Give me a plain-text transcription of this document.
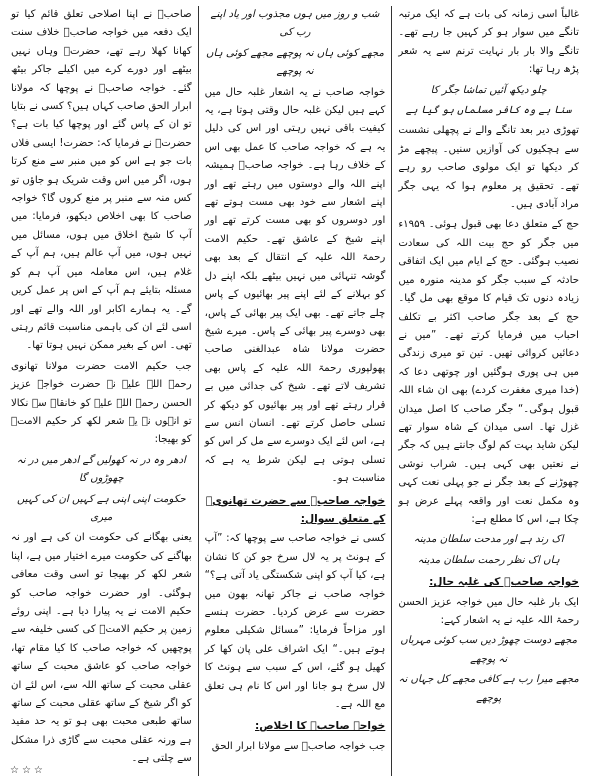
غالباً اسی زمانہ کی بات ہے کہ ایک مرتبہ تانگے میں سوار ہو کر کہیں جا رہے تھے۔ تانگے والا بار بار نہایت ترنم سے یہ شعر پڑھ رہا تھا:

چلو دیکھ آئیں تماشا جگر کا
سنا ہے وہ کافر مسلماں ہو گیا ہے

تھوڑی دیر بعد تانگے والے نے پچھلی نشست سے ہچکیوں کی آوازیں سنیں۔ پیچھے مڑ کر دیکھا تو ایک مولوی صاحب رو رہے تھے۔ تحقیق پر معلوم ہوا کہ یہی جگر مراد آبادی ہیں۔

حج کے متعلق دعا بھی قبول ہوئی۔ ۱۹۵۹ء میں جگر کو حج بیت اللہ کی سعادت نصیب ہوگئی۔ حج کے ایام میں ایک اتفاقی حادثہ کے سبب جگر کو مدینہ منورہ میں زیادہ دنوں تک قیام کا موقع بھی مل گیا۔ حج کے بعد جگر صاحب اکثر بے تکلف احباب میں فرمایا کرتے تھے۔ ”میں نے دعائیں کروائی تھیں۔ تین تو میری زندگی میں ہی پوری ہوگئیں اور چوتھی دعا کہ (خدا میری مغفرت کردے) بھی ان شاء اللہ قبول ہوگی۔“ جگر صاحب کا اصل میدان غزل تھا۔ اسی میدان کے شاہ سوار تھے لیکن شاید بہت کم لوگ جانتے ہیں کہ جگر نے نعتیں بھی کہی ہیں۔ شراب نوشی چھوڑنے کے بعد جگر نے جو پہلی نعت کہی وہ مکمل نعت اور واقعہ پہلے عرض ہو چکا ہے، اس کا مطلع ہے:

اک رند ہے اور مدحت سلطان مدینہ
ہاں اک نظر رحمت سلطان مدینہ
خواجہ صاحبؒ کی غلبہ حال:

ایک بار غلبہ حال میں خواجہ عزیز الحسن رحمۃ اللہ علیہ نے یہ اشعار کہے:

مجھے دوست چھوڑ دیں سب کوئی مہرباں نہ پوچھے
مجھے میرا رب ہے کافی مجھے کل جہاں نہ پوچھے
شب و روز میں ہوں مجذوب اور یاد اپنے رب کی
مجھے کوئی ہاں نہ پوچھے مجھے کوئی ہاں نہ پوچھے

خواجہ صاحب نے یہ اشعار غلبہ حال میں کہے ہیں لیکن غلبہ حال وقتی ہوتا ہے، یہ کیفیت باقی نہیں رہتی اور اس کی دلیل یہ ہے کہ خواجہ صاحب کا عمل بھی اس کے خلاف رہا ہے۔ خواجہ صاحبؒ ہمیشہ اپنے اللہ والے دوستوں میں رہتے تھے اور اپنے اشعار سے خود بھی مست ہوتے تھے اور دوسروں کو بھی مست کرتے تھے اور اپنے شیخ کے عاشق تھے۔ حکیم الامت رحمۃ اللہ علیہ کے انتقال کے بعد بھی گوشہ تنہائی میں نہیں بیٹھے بلکہ اپنے دل کو بہلانے کے لئے اپنے پیر بھائیوں کے پاس چلے جاتے تھے۔ بھی ایک پیر بھائی کے پاس، بھی دوسرے پیر بھائی کے پاس۔ میرے شیخ حضرت مولانا شاہ عبدالغنی صاحب پھولپوری رحمۃ اللہ علیہ کے پاس بھی تشریف لاتے تھے۔ شیخ کی جدائی میں بے قرار رہتے تھے اور پیر بھائیوں کو دیکھ کر تسلی حاصل کرتے تھے۔ انسان انس سے ہے، اس لئے ایک دوسرے سے مل کر اس کو تسلی ہوتی ہے لیکن شرط یہ ہے کہ مناسبت ہو۔

خواجہ صاحبؒ سے حضرت تھانویؒ کے متعلق سوال:

کسی نے خواجہ صاحب سے پوچھا کہ: ”آپ کے ہونٹ پر یہ لال سرخ جو کن کا نشان ہے، کیا آپ کو اپنی شکستگی یاد آتی ہے؟“ خواجہ صاحب نے جاکر تھانہ بھون میں حضرت سے عرض کردیا۔ حضرت ہنسے اور مزاحاً فرمایا: ”مسائل شکیلی معلوم ہوتے ہیں۔“ ایک اشراف علی پان کھا کر کھیل ہو گئے، اس کے سبب سے ہونٹ کا لال سرخ ہو جانا اور اس کا نام ہی تعلق مع اللہ ہے۔

خواجہ صاحبؒ کا اخلاص:

جب خواجہ صاحبؒ سے مولانا ابرار الحق

صاحبؒ نے اپنا اصلاحی تعلق قائم کیا تو ایک دفعہ میں خواجہ صاحبؒ خلاف سنت کھانا کھلا رہے تھے، حضرتؒ وہاں نہیں بیٹھے اور دورے کرے میں اکیلے جاکر بیٹھ گئے۔ خواجہ صاحبؒ نے پوچھا کہ مولانا ابرار الحق صاحب کہاں ہیں؟ کسی نے بتایا تو ان کے پاس گئے اور پوچھا کیا بات ہے؟ حضرتؒ نے فرمایا کہ: حضرت! ایسی فلاں بات جو ہے اس کو میں منبر سے منع کرتا ہوں، اگر میں اس وقت شریک ہو جاؤں تو کس منہ سے منبر پر منع کروں گا؟ خواجہ صاحب کا بھی اخلاص دیکھو، فرمایا: میں آپ کا شیخ اخلاق میں ہوں، مسائل میں نہیں ہوں، میں آپ عالم ہیں، ہم آپ کے غلام ہیں، اس معاملہ میں آپ ہم کو مسئلہ بتایئے ہم آپ کے اس پر عمل کریں گے۔ یہ ہمارے اکابر اور اللہ والے تھے اور اسی لئے ان کی باہمی مناسبت قائم رہتی تھی۔ اس کے بغیر ممکن نہیں ہوتا تھا۔

جب حکیم الامت حضرت مولانا تھانوی رحمۃ اللہ علیہ نے حضرت خواجہ عزیز الحسن رحمۃ اللہ علیہ کو خانقاہ سے نکالا تو انہوں نے یہ شعر لکھ کر حکیم الامتؒ کو بھیجا:

ادھر وہ در نہ کھولیں گے ادھر میں در نہ چھوڑوں گا
حکومت اپنی اپنی ہے کہیں ان کی کہیں میری

یعنی بھگانے کی حکومت ان کی ہے اور نہ بھاگنے کی حکومت میرے اختیار میں ہے، اپنا شعر لکھ کر بھیجا تو اسی وقت معافی ہوگئی۔ اور حضرت خواجہ صاحب کو حکیم الامت نے یہ پیارا دیا ہے۔ اپنی روئے زمین پر حکیم الامتؒ کی کسی خلیفہ سے پوچھیں کہ خواجہ صاحب کا کیا مقام تھا، خواجہ صاحب کو عاشق محبت کے ساتھ عقلی محبت کے ساتھ اللہ سے، اس لئے ان کو اگر شیخ کے ساتھ عقلی محبت کے ساتھ ساتھ طبعی محبت بھی ہو تو یہ حد مفید ہے ورنہ عقلی محبت سے گاڑی ذرا مشکل سے چلتی ہے۔

☆☆☆
